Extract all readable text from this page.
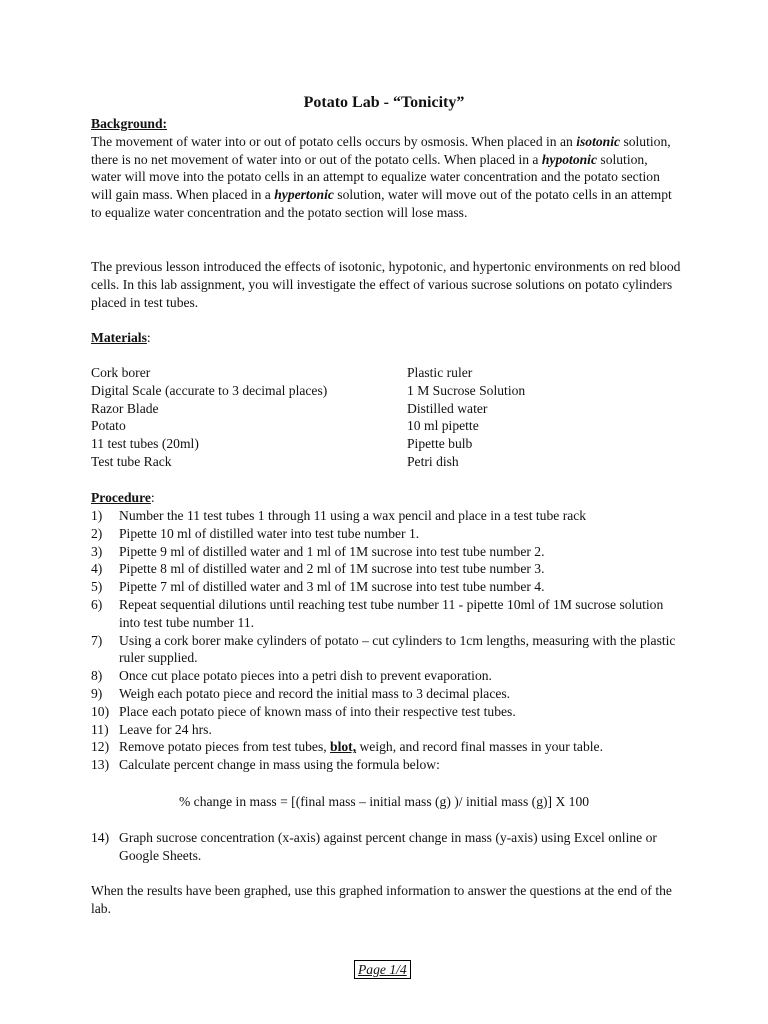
Potato Lab - “Tonicity”
Background:

The movement of water into or out of potato cells occurs by osmosis. When placed in an isotonic solution, there is no net movement of water into or out of the potato cells. When placed in a hypotonic solution, water will move into the potato cells in an attempt to equalize water concentration and the potato section will gain mass. When placed in a hypertonic solution, water will move out of the potato cells in an attempt to equalize water concentration and the potato section will lose mass.

The previous lesson introduced the effects of isotonic, hypotonic, and hypertonic environments on red blood cells. In this lab assignment, you will investigate the effect of various sucrose solutions on potato cylinders placed in test tubes.

Materials:
Cork borer	Plastic ruler
Digital Scale (accurate to 3 decimal places)	1 M Sucrose Solution
Razor Blade	Distilled water
Potato	10 ml pipette
11 test tubes (20ml)	Pipette bulb
Test tube Rack	Petri dish
Procedure:
1)	Number the 11 test tubes 1 through 11 using a wax pencil and place in a test tube rack
2)	Pipette 10 ml of distilled water into test tube number 1.
3)	Pipette 9 ml of distilled water and 1 ml of 1M sucrose into test tube number 2.
4)	Pipette 8 ml of distilled water and 2 ml of 1M sucrose into test tube number 3.
5)	Pipette 7 ml of distilled water and 3 ml of 1M sucrose into test tube number 4.
6)	Repeat sequential dilutions until reaching test tube number 11 - pipette 10ml of 1M sucrose solution into test tube number 11.
7)	Using a cork borer make cylinders of potato – cut cylinders to 1cm lengths, measuring with the plastic ruler supplied.
8)	Once cut place potato pieces into a petri dish to prevent evaporation.
9)	Weigh each potato piece and record the initial mass to 3 decimal places.
10) Place each potato piece of known mass of into their respective test tubes.
11) Leave for 24 hrs.
12) Remove potato pieces from test tubes, blot, weigh, and record final masses in your table.
13) Calculate percent change in mass using the formula below:
% change in mass = [(final mass – initial mass (g) )/ initial mass (g)] X 100
14) Graph sucrose concentration (x-axis) against percent change in mass (y-axis) using Excel online or Google Sheets.

When the results have been graphed, use this graphed information to answer the questions at the end of the lab.

Page 1/4
